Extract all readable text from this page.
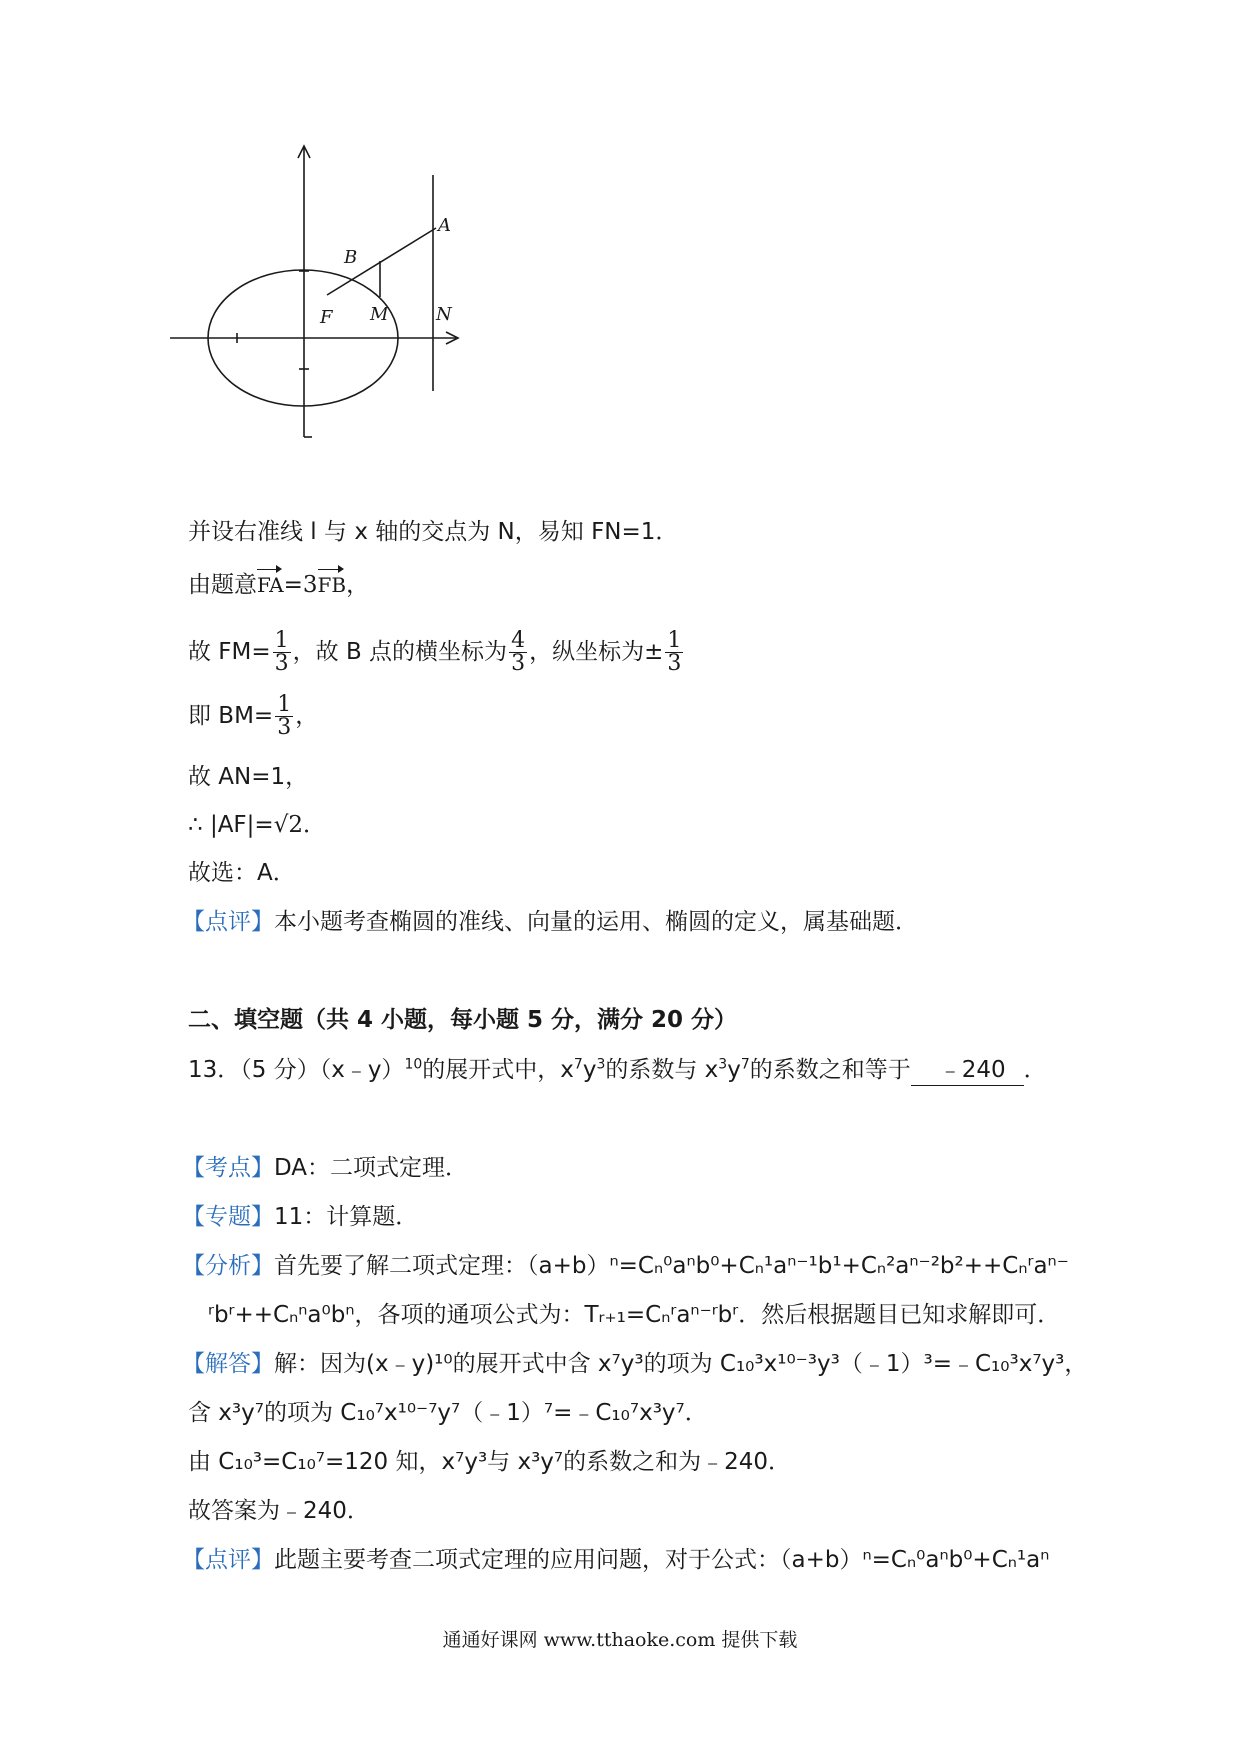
A
B
F M	N
并设右准线 l 与 x 轴的交点为 N，易知 FN=1．
由题意FA=3FB，
故 $FM= \frac{1}{3}$ ，故 B 点的横坐标为 $\frac{4}{3}$ ，纵坐标为± $\frac{1}{3}$
即 $BM= \frac{1}{3}$ ，
故 AN=1，
∴ |AF|=√2．
故选：A．
【点评】本小题考查椭圆的准线、向量的运用、椭圆的定义，属基础题．
二、填空题（共 4 小题，每小题 5 分，满分 20 分）
13．（5 分）（x﹣y）$^{10}$的展开式中，$x^7y^3$的系数与 $x^3y^7$的系数之和等于 ﹣240 ．
【考点】DA：二项式定理．
【专题】11：计算题．
【分析】首先要了解二项式定理：（a+b）ⁿ=Cₙ⁰aⁿb⁰+Cₙ¹aⁿ⁻¹b¹+Cₙ²aⁿ⁻²b²++Cₙʳaⁿ⁻
ʳbʳ++Cₙⁿa⁰bⁿ，各项的通项公式为：Tᵣ₊₁=Cₙʳaⁿ⁻ʳbʳ．然后根据题目已知求解即可．
【解答】解：因为(x﹣y)¹⁰的展开式中含 x⁷y³的项为 C₁₀³x¹⁰⁻³y³（﹣1）³=﹣C₁₀³x⁷y³，
含 x³y⁷的项为 C₁₀⁷x¹⁰⁻⁷y⁷（﹣1）⁷=﹣C₁₀⁷x³y⁷．
由 C₁₀³=C₁₀⁷=120 知，x⁷y³与 x³y⁷的系数之和为﹣240．
故答案为﹣240．
【点评】此题主要考查二项式定理的应用问题，对于公式：（a+b）ⁿ=Cₙ⁰aⁿb⁰+Cₙ¹aⁿ
通通好课网 www.tthaoke.com 提供下载
